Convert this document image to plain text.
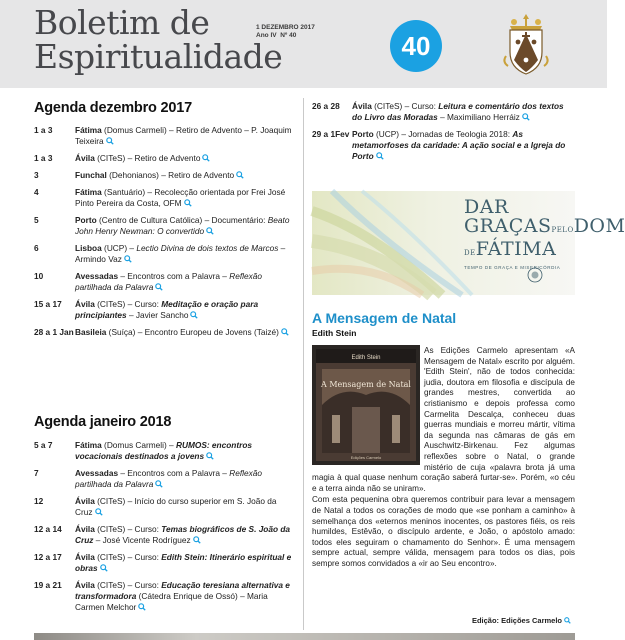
Boletim de
Espiritualidade
1 DEZEMBRO 2017
Ano IV Nº 40	40
Agenda dezembro 2017
1 a 3	Fátima (Domus Carmeli) – Retiro de Advento – P. Joaquim Teixeira
1 a 3	Ávila (CITeS) – Retiro de Advento
3	Funchal (Dehonianos) – Retiro de Advento
4	Fátima (Santuário) – Recolecção orientada por Frei José Pinto Pereira da Costa, OFM
5	Porto (Centro de Cultura Católica) – Documentário: Beato John Henry Newman: O convertido
6	Lisboa (UCP) – Lectio Divina de dois textos de Marcos – Armindo Vaz
10	Avessadas – Encontros com a Palavra – Reflexão partilhada da Palavra
15 a 17	Ávila (CITeS) – Curso: Meditação e oração para principiantes – Javier Sancho
28 a 1 Jan Basileia (Suíça) – Encontro Europeu de Jovens (Taizé)
Agenda janeiro 2018
5 a 7	Fátima (Domus Carmeli) – RUMOS: encontros vocacionais destinados a jovens
7	Avessadas – Encontros com a Palavra – Reflexão partilhada da Palavra
12	Ávila (CITeS) – Início do curso superior em S. João da Cruz
12 a 14	Ávila (CITeS) – Curso: Temas biográficos de S. João da Cruz – José Vicente Rodríguez
12 a 17	Ávila (CITeS) – Curso: Edith Stein: Itinerário espiritual e obras
19 a 21	Ávila (CITeS) – Curso: Educação teresiana alternativa e transformadora (Cátedra Enrique de Ossó) – Maria Carmen Melchor
26 a 28	Ávila (CITeS) – Curso: Leitura e comentário dos textos do Livro das Moradas – Maximiliano Herráiz
29 a 1Fev Porto (UCP) – Jornadas de Teologia 2018: As metamorfoses da caridade: A ação social e a Igreja do Porto
DAR
GRAÇASPELODOM
DEFÁTIMA
TEMPO DE GRAÇA E MISERICÓRDIA
A Mensagem de Natal
Edith Stein
Edith Stein
A Mensagem de Natal
Edições Carmelo

As Edições Carmelo apresentam «A Mensagem de Natal» escrito por alguém. 'Edith Stein', não de todos conhecida: judia, doutora em filosofia e discípula de grandes mestres, convertida ao cristianismo e depois professa como Carmelita Descalça, conheceu duas guerras mundiais e morreu mártir, vítima da segunda nas câmaras de gás em Auschwitz-Birkenau. Fez algumas reflexões sobre o Natal, o grande mistério de cuja «palavra brota já uma magia à qual quase nenhum coração saberá furtar-se». Porém, «o céu e a terra ainda não se uniram».

Com esta pequenina obra queremos contribuir para levar a mensagem de Natal a todos os corações de modo que «se ponham a caminho» à semelhança dos «eternos meninos inocentes, os pastores fiéis, os reis humildes, Estêvão, o discípulo ardente, e João, o apóstolo amado: todos eles seguiram o chamamento do Senhor». É uma mensagem sempre actual, sempre válida, mensagem para todos os dias, pois sempre somos convidados a «ir ao Seu encontro».

Edição: Edições Carmelo
